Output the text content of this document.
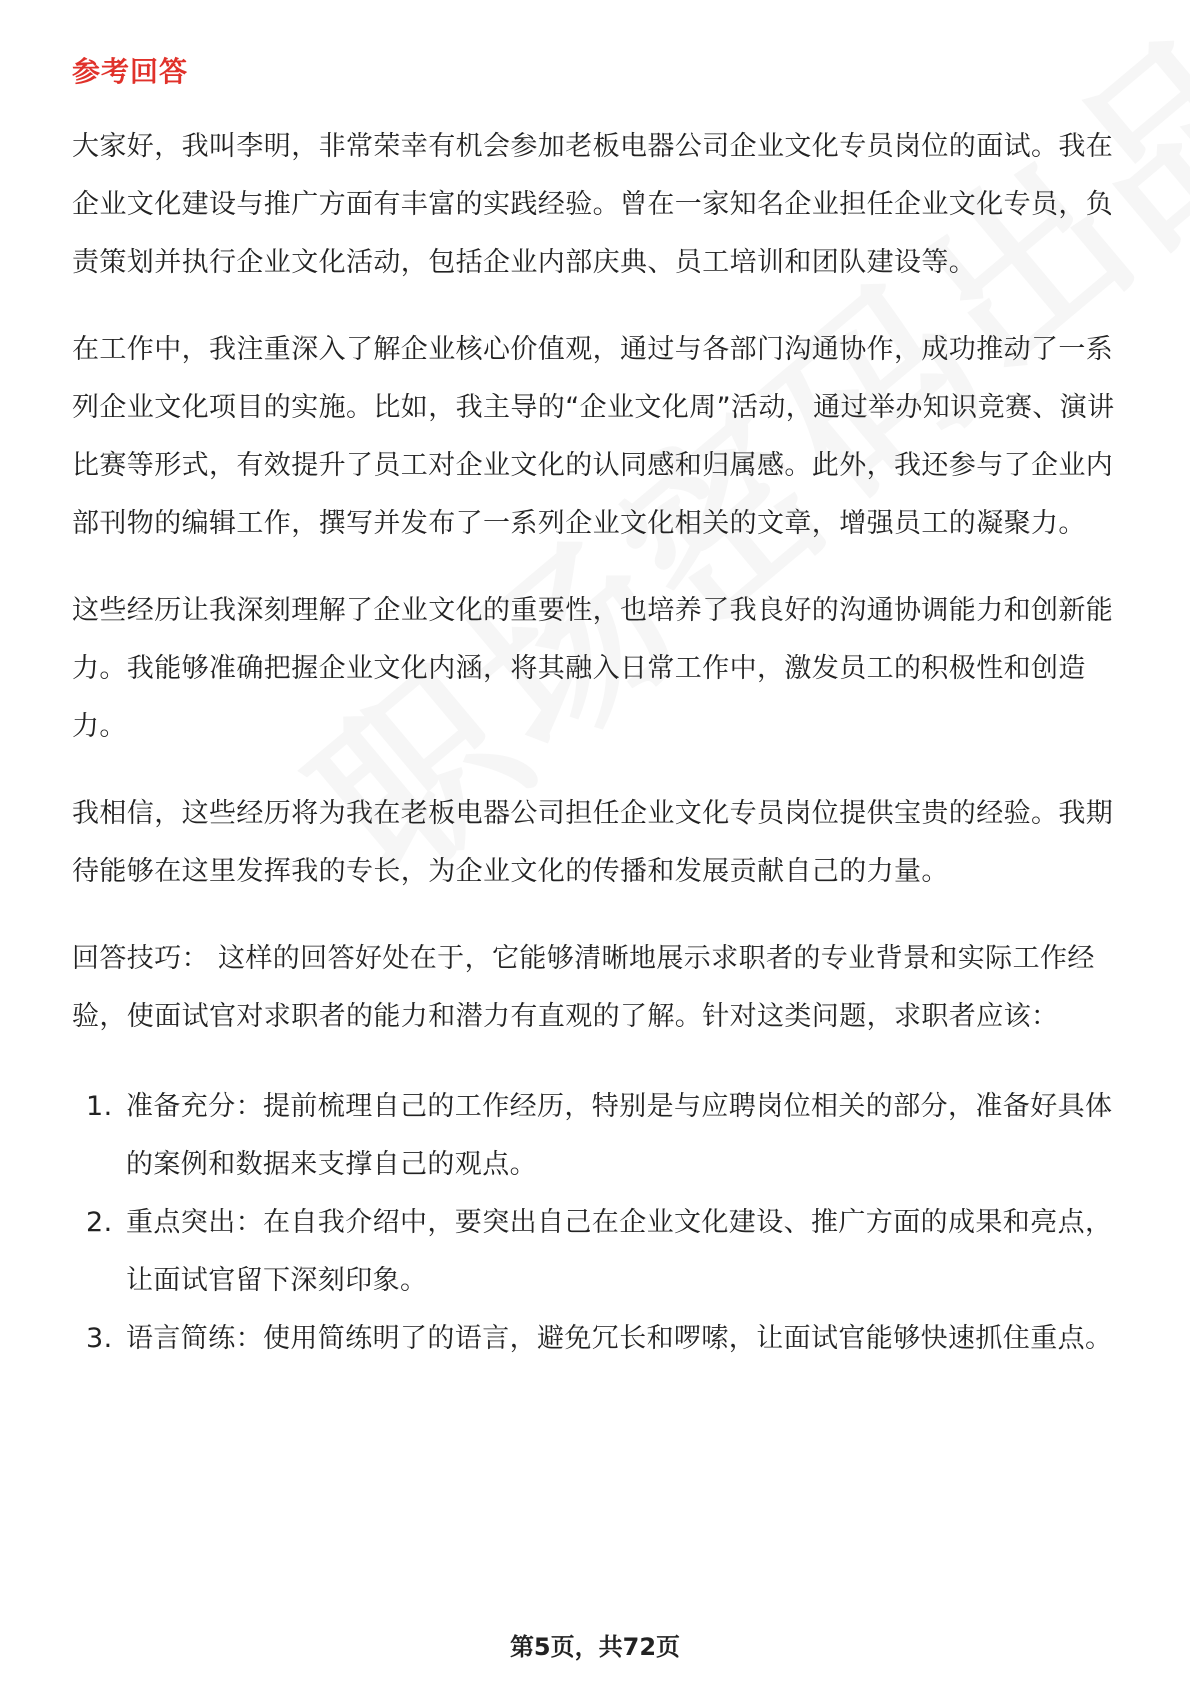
参考回答

大家好，我叫李明，非常荣幸有机会参加老板电器公司企业文化专员岗位的面试。我在企业文化建设与推广方面有丰富的实践经验。曾在一家知名企业担任企业文化专员，负责策划并执行企业文化活动，包括企业内部庆典、员工培训和团队建设等。

在工作中，我注重深入了解企业核心价值观，通过与各部门沟通协作，成功推动了一系列企业文化项目的实施。比如，我主导的“企业文化周”活动，通过举办知识竞赛、演讲比赛等形式，有效提升了员工对企业文化的认同感和归属感。此外，我还参与了企业内部刊物的编辑工作，撰写并发布了一系列企业文化相关的文章，增强员工的凝聚力。

这些经历让我深刻理解了企业文化的重要性，也培养了我良好的沟通协调能力和创新能力。我能够准确把握企业文化内涵，将其融入日常工作中，激发员工的积极性和创造力。

我相信，这些经历将为我在老板电器公司担任企业文化专员岗位提供宝贵的经验。我期待能够在这里发挥我的专长，为企业文化的传播和发展贡献自己的力量。

回答技巧： 这样的回答好处在于，它能够清晰地展示求职者的专业背景和实际工作经验，使面试官对求职者的能力和潜力有直观的了解。针对这类问题，求职者应该：

1. 准备充分：提前梳理自己的工作经历，特别是与应聘岗位相关的部分，准备好具体的案例和数据来支撑自己的观点。
2. 重点突出：在自我介绍中，要突出自己在企业文化建设、推广方面的成果和亮点，让面试官留下深刻印象。
3. 语言简练：使用简练明了的语言，避免冗长和啰嗦，让面试官能够快速抓住重点。
第5页，共72页
